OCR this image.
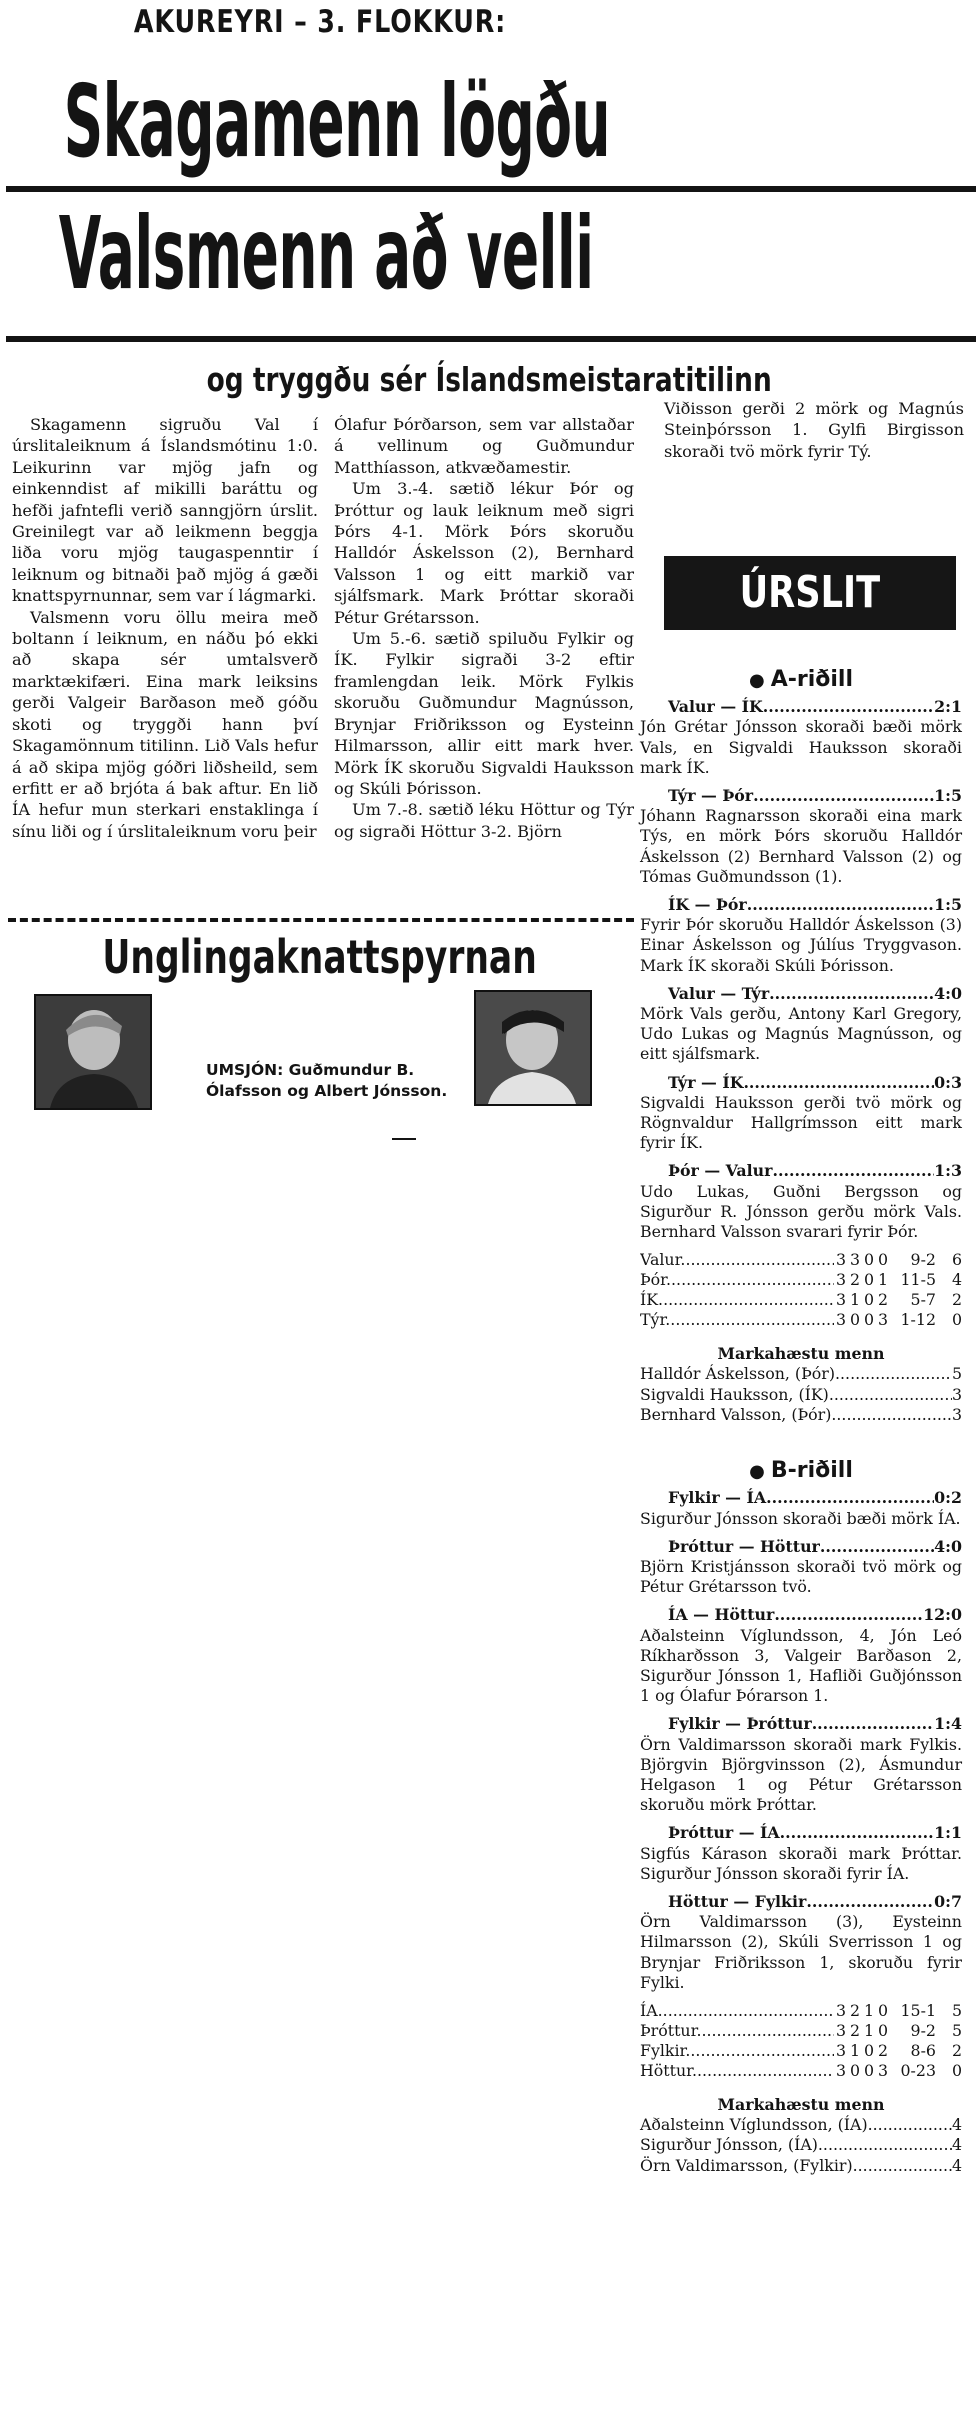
AKUREYRI – 3. FLOKKUR:
Skagamenn lögðu
Valsmenn að velli
og tryggðu sér Íslandsmeistaratitilinn

Skagamenn sigruðu Val í úrslitaleiknum á Íslandsmótinu 1:0. Leikurinn var mjög jafn og einkenndist af mikilli baráttu og hefði jafntefli verið sanngjörn úrslit. Greinilegt var að leikmenn beggja liða voru mjög taugaspenntir í leiknum og bitnaði það mjög á gæði knattspyrnunnar, sem var í lágmarki.

Valsmenn voru öllu meira með boltann í leiknum, en náðu þó ekki að skapa sér umtalsverð marktækifæri. Eina mark leiksins gerði Valgeir Barðason með góðu skoti og tryggði hann því Skagamönnum titilinn. Lið Vals hefur á að skipa mjög góðri liðsheild, sem erfitt er að brjóta á bak aftur. En lið ÍA hefur mun sterkari enstaklinga í sínu liði og í úrslitaleiknum voru þeir

Ólafur Þórðarson, sem var allstaðar á vellinum og Guðmundur Matthíasson, atkvæðamestir.

Um 3.-4. sætið lékur Þór og Þróttur og lauk leiknum með sigri Þórs 4-1. Mörk Þórs skoruðu Halldór Áskelsson (2), Bernhard Valsson 1 og eitt markið var sjálfsmark. Mark Þróttar skoraði Pétur Grétarsson.

Um 5.-6. sætið spiluðu Fylkir og ÍK. Fylkir sigraði 3-2 eftir framlengdan leik. Mörk Fylkis skoruðu Guðmundur Magnússon, Brynjar Friðriksson og Eysteinn Hilmarsson, allir eitt mark hver. Mörk ÍK skoruðu Sigvaldi Hauksson og Skúli Þórisson.

Um 7.-8. sætið léku Höttur og Týr og sigraði Höttur 3-2. Björn

Viðisson gerði 2 mörk og Magnús Steinþórsson 1. Gylfi Birgisson skoraði tvö mörk fyrir Tý.

Unglingaknattspyrnan
UMSJÓN: Guðmundur B. Ólafsson og Albert Jónsson.
ÚRSLIT
● A-riðill
Valur — ÍK .....	2:1
Jón Grétar Jónsson skoraði bæði mörk Vals, en Sigvaldi Hauksson skoraði mark ÍK.
Týr — Þór .....	1:5
Jóhann Ragnarsson skoraði eina mark Týs, en mörk Þórs skoruðu Halldór Áskelsson (2) Bernhard Valsson (2) og Tómas Guðmundsson (1).
ÍK — Þór .....	1:5
Fyrir Þór skoruðu Halldór Áskelsson (3) Einar Áskelsson og Júlíus Tryggvason. Mark ÍK skoraði Skúli Þórisson.
Valur — Týr .....	4:0
Mörk Vals gerðu, Antony Karl Gregory, Udo Lukas og Magnús Magnússon, og eitt sjálfsmark.
Týr — ÍK .....	0:3
Sigvaldi Hauksson gerði tvö mörk og Rögnvaldur Hallgrímsson eitt mark fyrir ÍK.
Þór — Valur .....	1:3
Udo Lukas, Guðni Bergsson og Sigurður R. Jónsson gerðu mörk Vals. Bernhard Valsson svarari fyrir Þór.
Valur .....	3	3	0	0	9-2	6
Þór .....	3	2	0	1	11-5	4
ÍK .....	3	1	0	2	5-7	2
Týr .....	3	0	0	3	1-12	0
Markahæstu menn
Halldór Áskelsson, (Þór) .....	5
Sigvaldi Hauksson, (ÍK) .....	3
Bernhard Valsson, (Þór) .....	3
● B-riðill
Fylkir — ÍA .....	0:2
Sigurður Jónsson skoraði bæði mörk ÍA.
Þróttur — Höttur .....	4:0
Björn Kristjánsson skoraði tvö mörk og Pétur Grétarsson tvö.
ÍA — Höttur .....	12:0
Aðalsteinn Víglundsson, 4, Jón Leó Ríkharðsson 3, Valgeir Barðason 2, Sigurður Jónsson 1, Hafliði Guðjónsson 1 og Ólafur Þórarson 1.
Fylkir — Þróttur .....	1:4
Örn Valdimarsson skoraði mark Fylkis. Björgvin Björgvinsson (2), Ásmundur Helgason 1 og Pétur Grétarsson skoruðu mörk Þróttar.
Þróttur — ÍA .....	1:1
Sigfús Kárason skoraði mark Þróttar. Sigurður Jónsson skoraði fyrir ÍA.
Höttur — Fylkir .....	0:7
Örn Valdimarsson (3), Eysteinn Hilmarsson (2), Skúli Sverrisson 1 og Brynjar Friðriksson 1, skoruðu fyrir Fylki.
ÍA .....	3	2	1	0	15-1	5
Þróttur .....	3	2	1	0	9-2	5
Fylkir .....	3	1	0	2	8-6	2
Höttur .....	3	0	0	3	0-23	0
Markahæstu menn
Aðalsteinn Víglundsson, (ÍA) .....	4
Sigurður Jónsson, (ÍA) .....	4
Örn Valdimarsson, (Fylkir) .....	4
